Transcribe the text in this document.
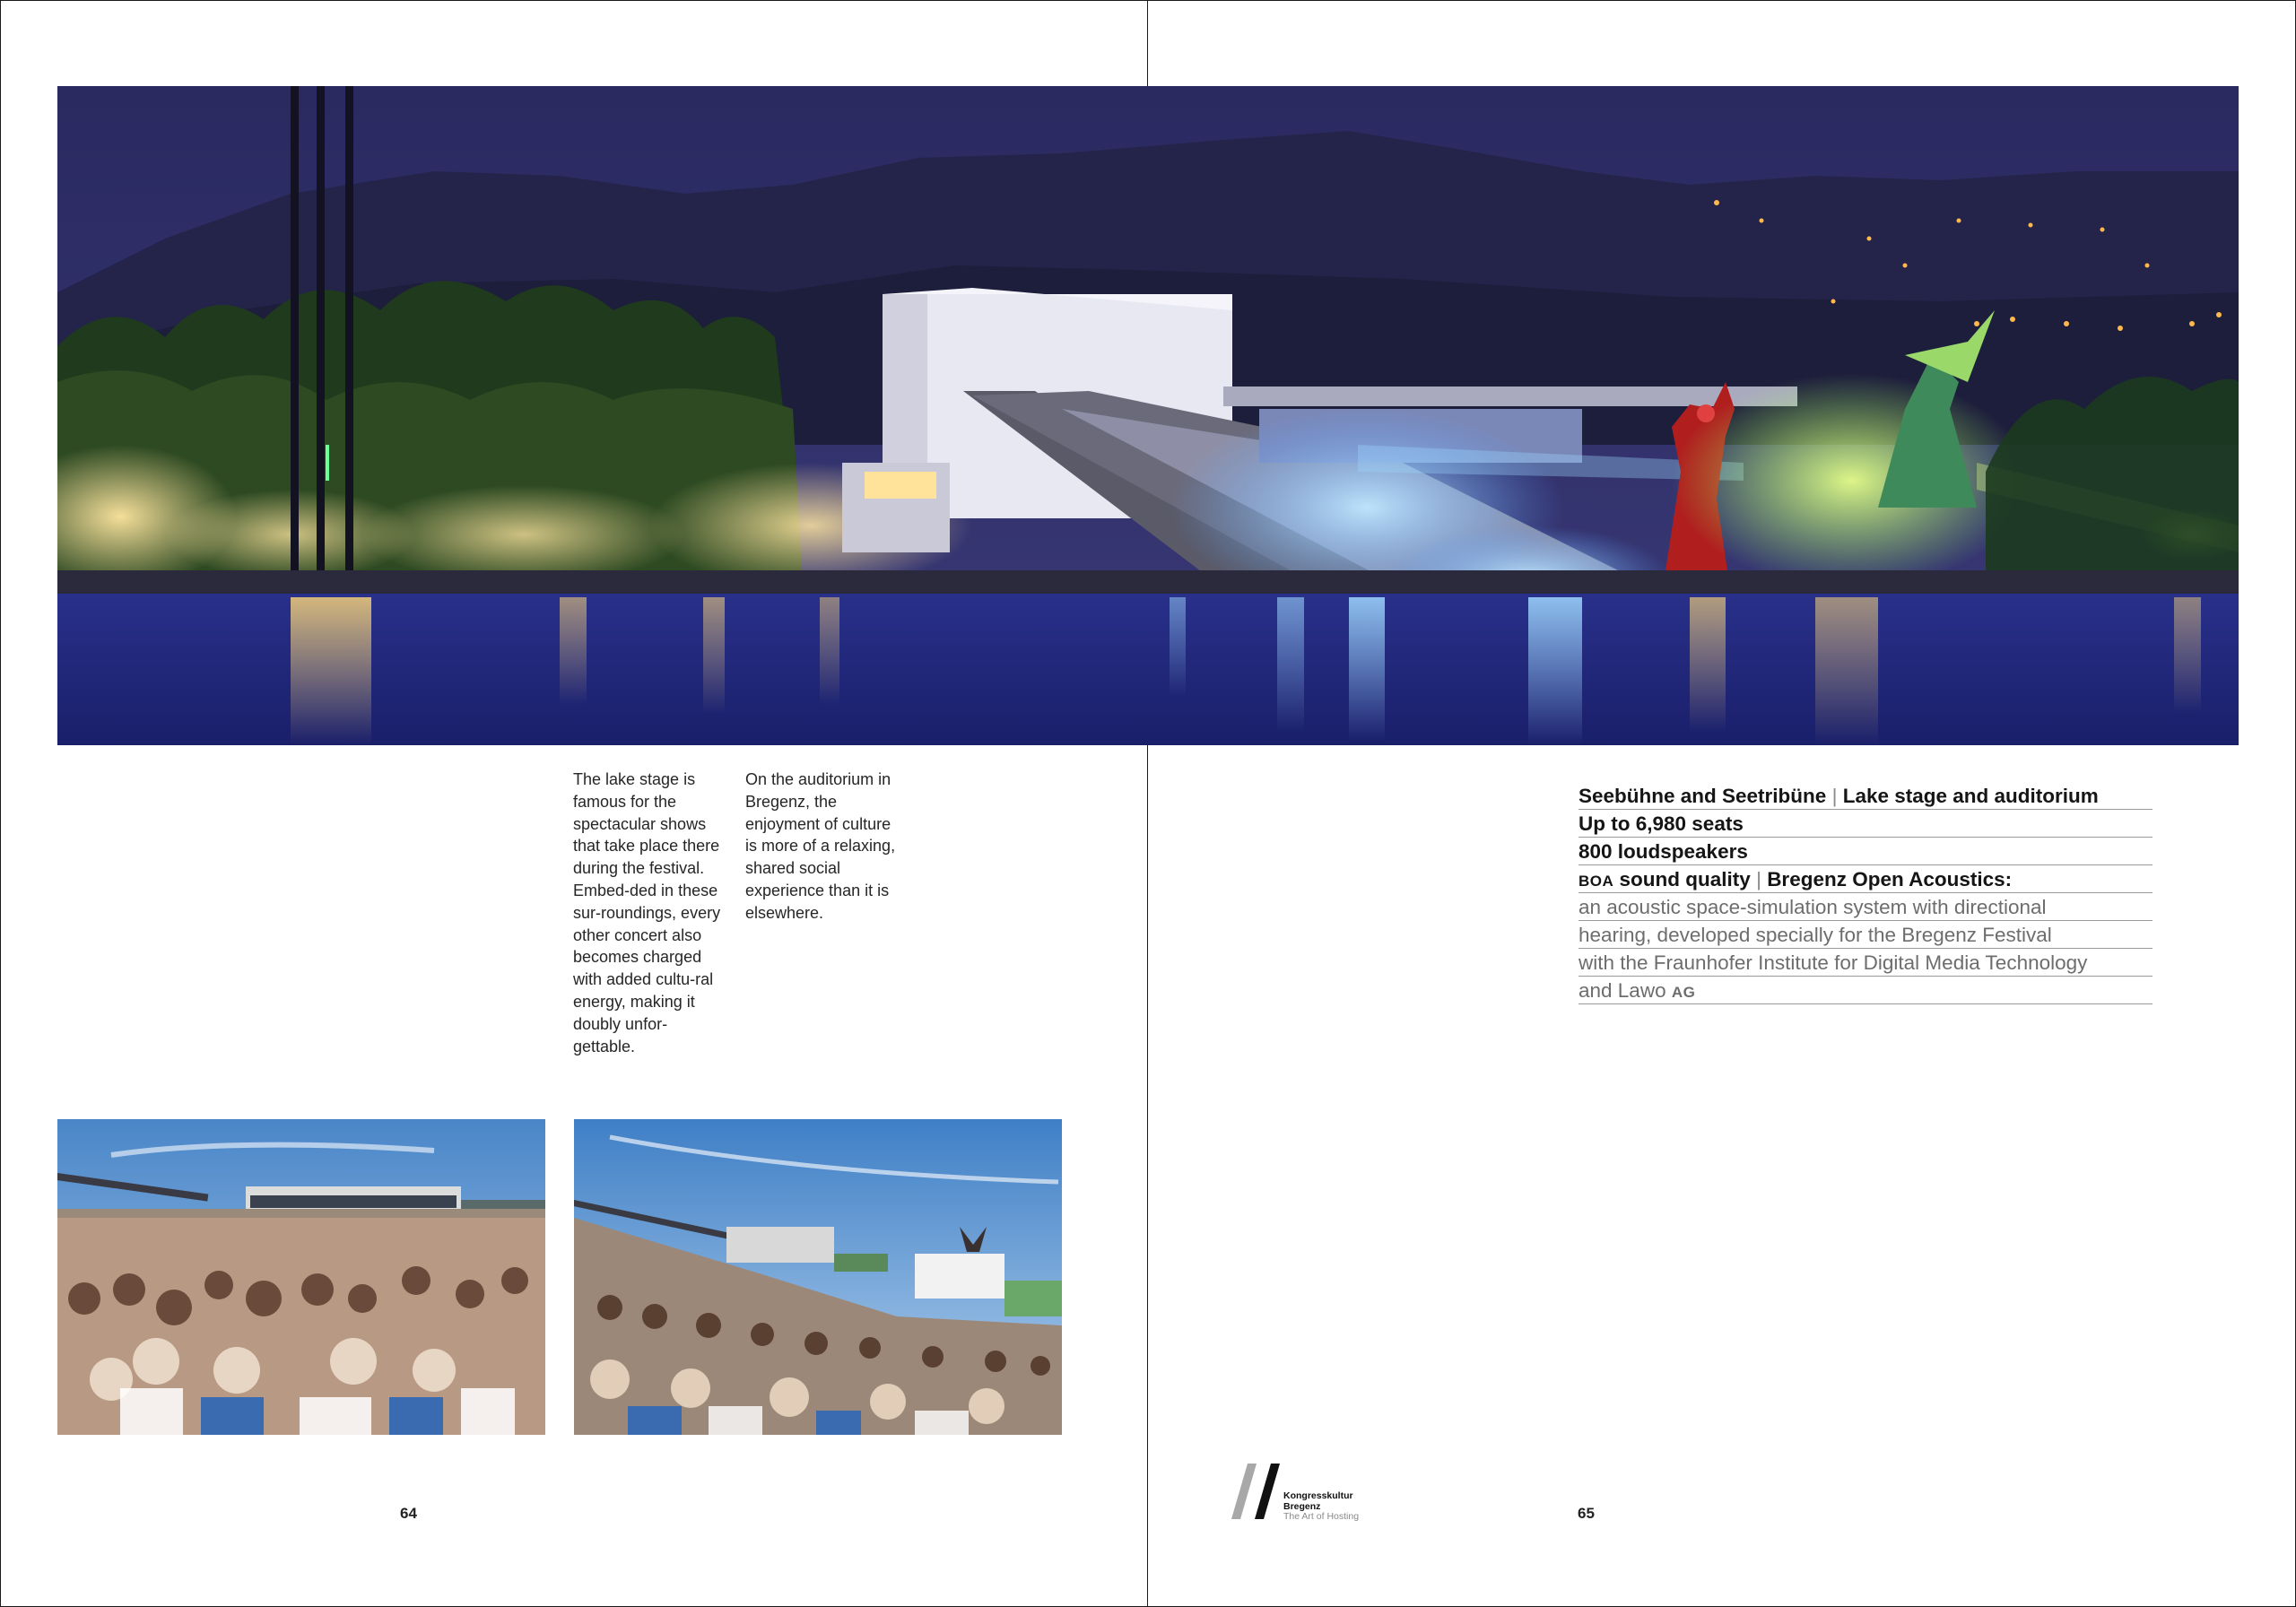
The lake stage is famous for the spectacular shows that take place there during the festival. Embed-ded in these sur-roundings, every other concert also becomes charged with added cultu-ral energy, making it doubly unfor-gettable.
On the auditorium in Bregenz, the enjoyment of culture is more of a relaxing, shared social experience than it is elsewhere.
Seebühne and Seetribüne | Lake stage and auditorium
Up to 6,980 seats
800 loudspeakers
BOA sound quality | Bregenz Open Acoustics:
an acoustic space-simulation system with directional
hearing, developed specially for the Bregenz Festival
with the Fraunhofer Institute for Digital Media Technology
and Lawo AG
Kongresskultur
Bregenz
The Art of Hosting
64	65
